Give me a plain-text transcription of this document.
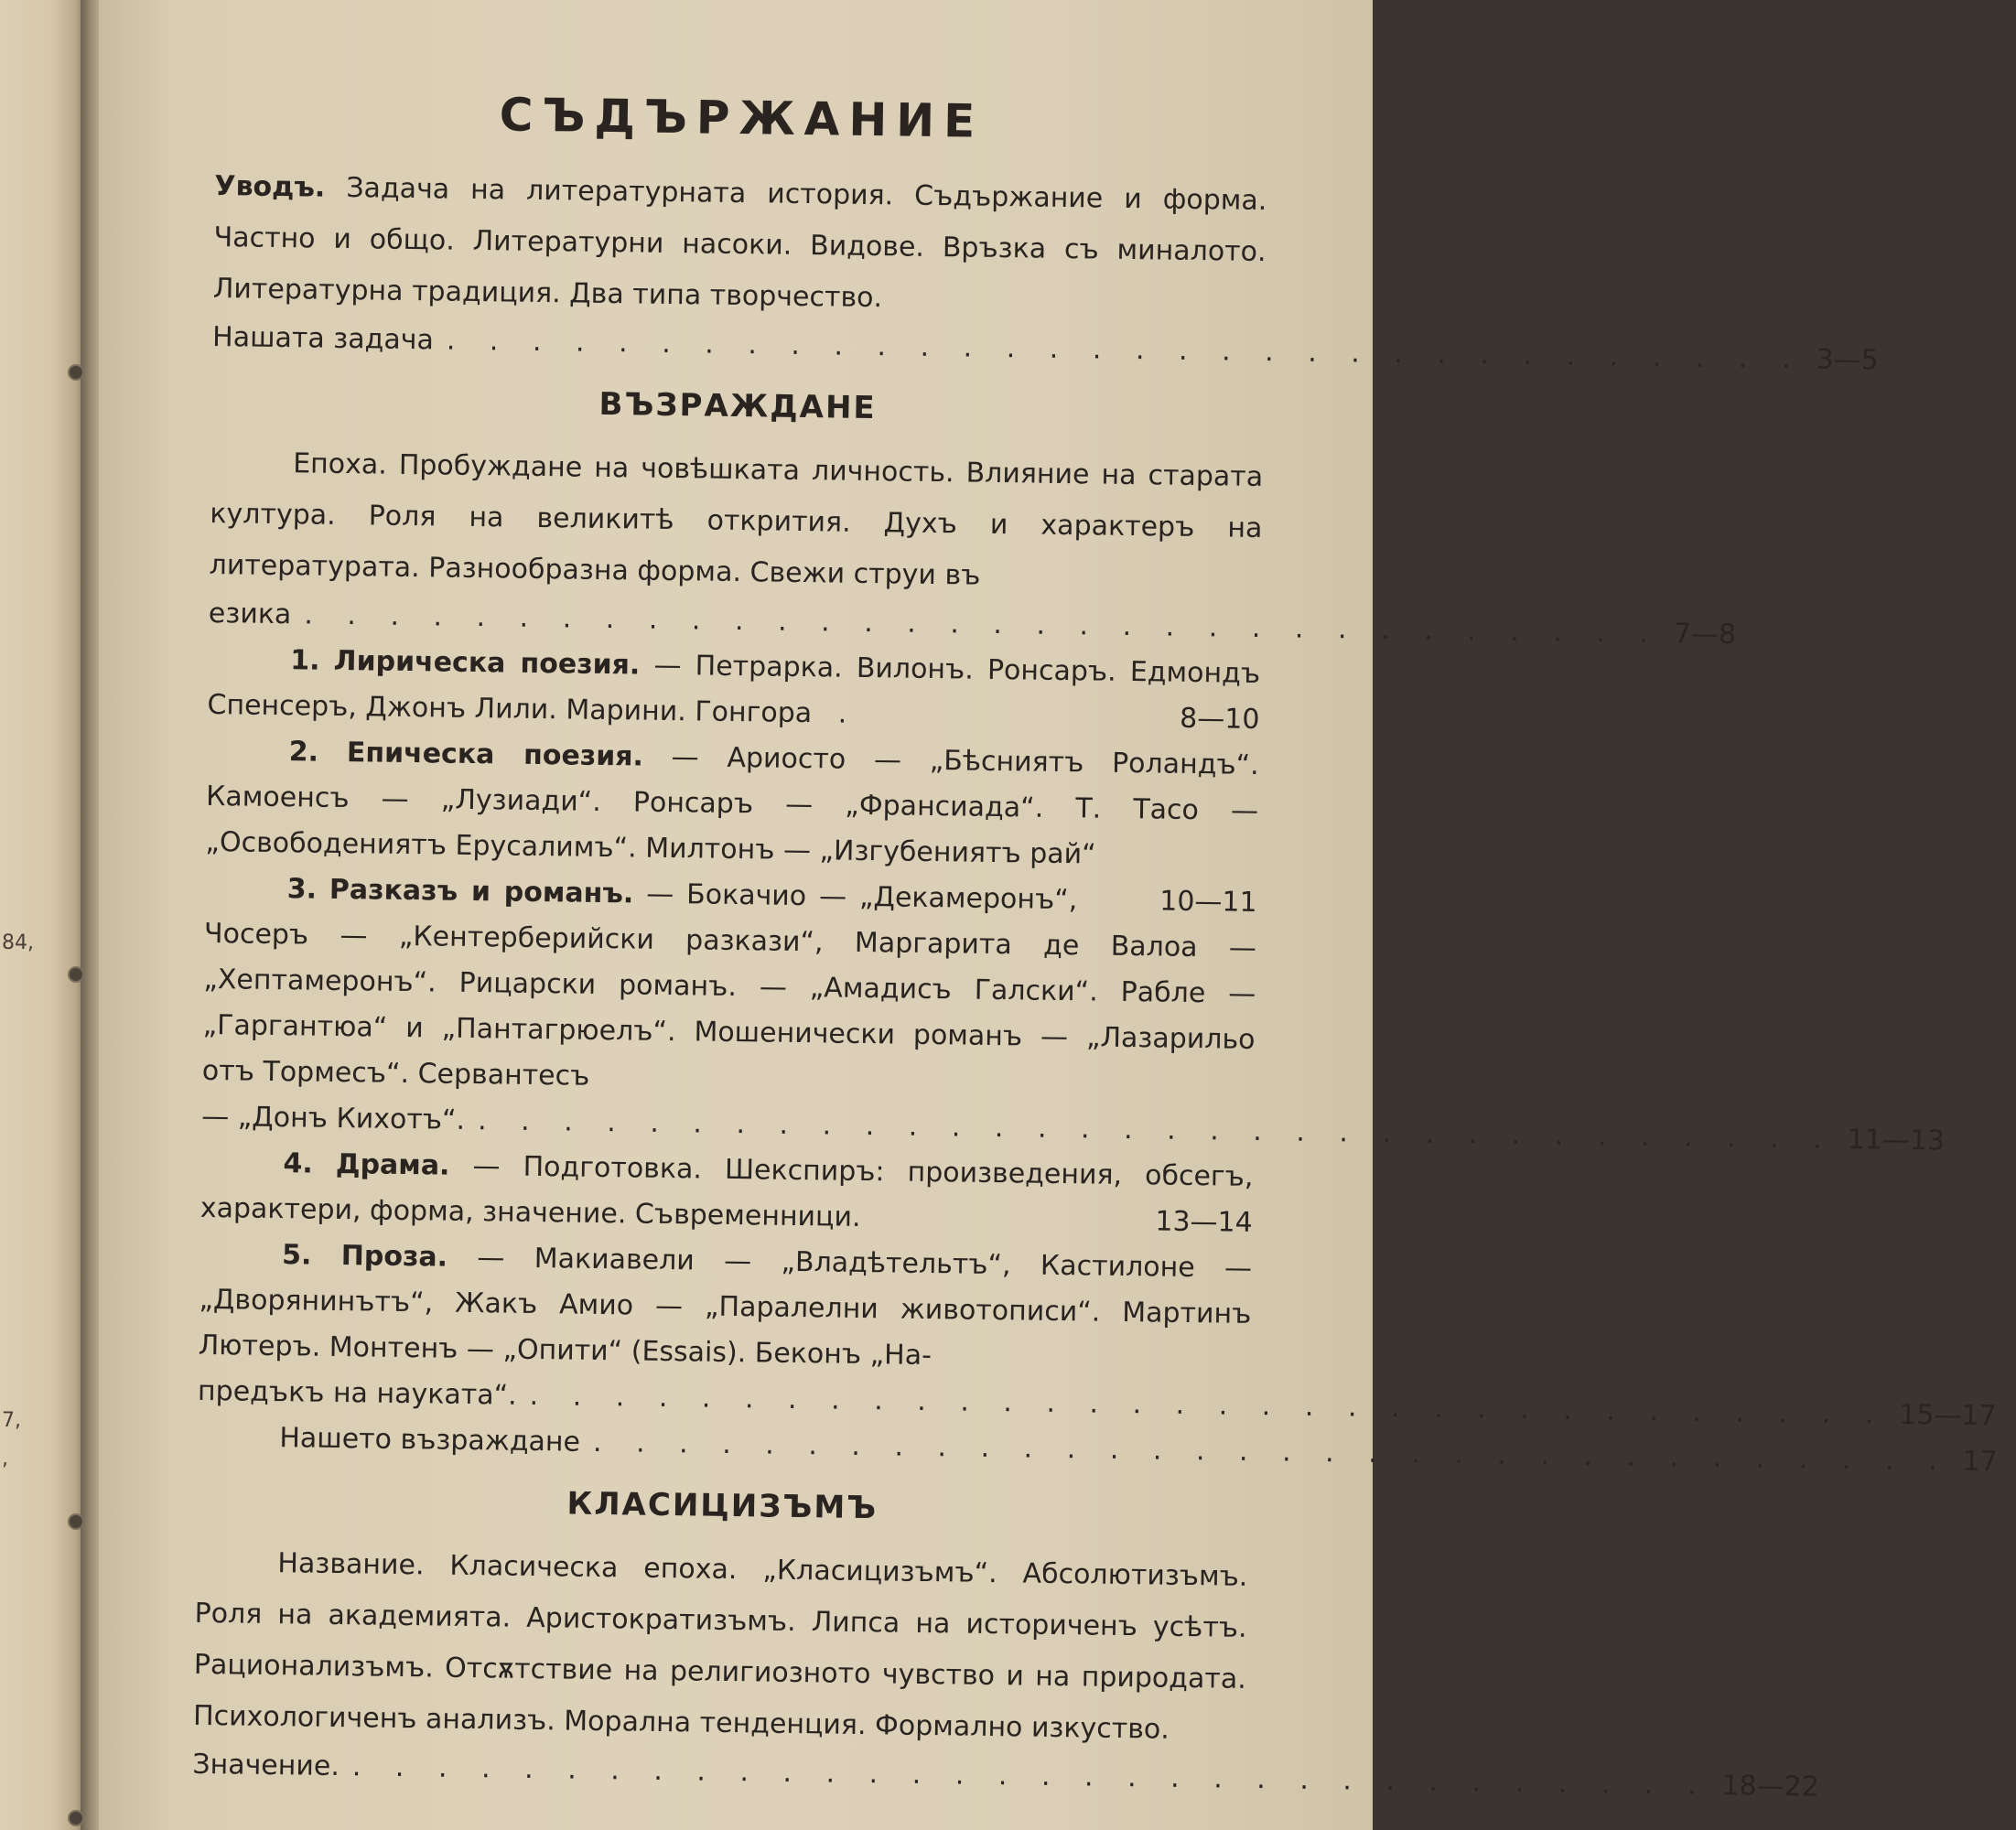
84,
7,
,
СЪДЪРЖАНИЕ

Уводъ. Задача на литературната история. Съдържание и форма. Частно и общо. Литературни насоки. Видове. Връзка съ миналото. Литературна традиция. Два типа творчество.

Нашата задача . . . . . . . . . . . . . . . . . . . . . . . . . . . . . . . . 3—5
ВЪЗРАЖДАНЕ

Епоха. Пробуждане на човѣшката личность. Влияние на старата култура. Роля на великитѣ открития. Духъ и характеръ на литературата. Разнообразна форма. Свежи струи въ

езика . . . . . . . . . . . . . . . . . . . . . . . . . . . . . . . . 7—8

1. Лирическа поезия. — Петрарка. Вилонъ. Ронсаръ. Едмондъ Спенсеръ, Джонъ Лили. Марини. Гонгора   .	8—10

2. Епическа поезия. — Ариосто — „Бѣсниятъ Роландъ“. Камоенсъ — „Лузиади“. Ронсаръ — „Франсиада“. Т. Тасо — „Освободениятъ Ерусалимъ“. Милтонъ — „Изгубениятъ рай“
10—11

3. Разказъ и романъ. — Бокачио — „Декамеронъ“, Чосеръ — „Кентерберийски разкази“, Маргарита де Валоа — „Хептамеронъ“. Рицарски романъ. — „Амадисъ Галски“. Рабле — „Гаргантюа“ и „Пантагрюелъ“. Мошенически романъ — „Лазарильо отъ Тормесъ“. Сервантесъ

— „Донъ Кихотъ“. . . . . . . . . . . . . . . . . . . . . . . . . . . . . . . . . 11—13

4. Драма. — Подготовка. Шекспиръ: произведения, обсегъ, характери, форма, значение. Съвременници.	13—14

5. Проза. — Макиавели — „Владѣтельтъ“, Кастилоне — „Дворянинътъ“, Жакъ Амио — „Паралелни животописи“. Мартинъ Лютеръ. Монтенъ — „Опити“ (Essais). Беконъ „На-

предъкъ на науката“. . . . . . . . . . . . . . . . . . . . . . . . . . . . . . . . . 15—17
Нашето възраждане . . . . . . . . . . . . . . . . . . . . . . . . . . . . . . . . 17
КЛАСИЦИЗЪМЪ

Название. Класическа епоха. „Класицизъмъ“. Абсолютизъмъ. Роля на академията. Аристократизъмъ. Липса на историченъ усѣтъ. Рационализъмъ. Отсѫтствие на религиозното чувство и на природата. Психологиченъ анализъ. Морална тенденция. Формално изкуство.

Значение. . . . . . . . . . . . . . . . . . . . . . . . . . . . . . . . . 18—22
